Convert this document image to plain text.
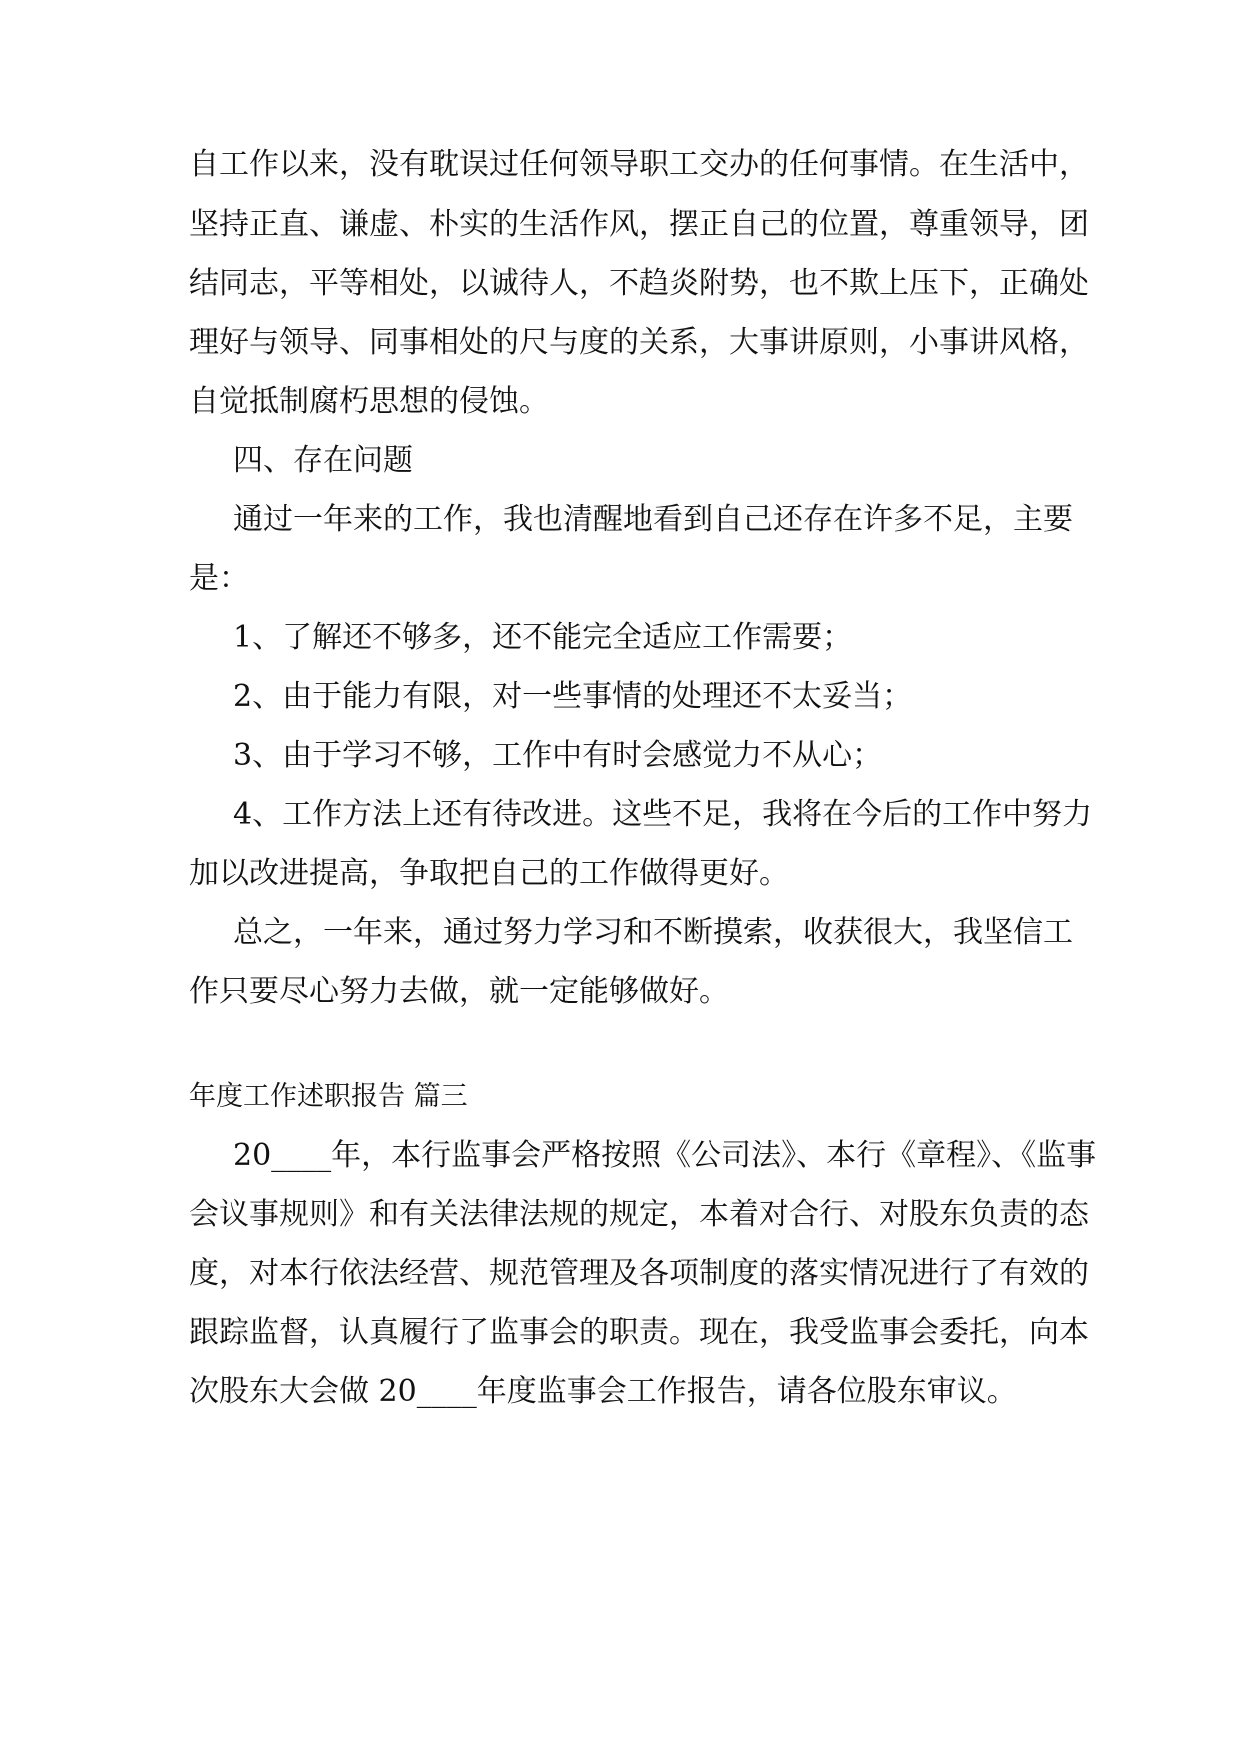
自工作以来，没有耽误过任何领导职工交办的任何事情。在生活中，
坚持正直、谦虚、朴实的生活作风，摆正自己的位置，尊重领导，团
结同志，平等相处，以诚待人，不趋炎附势，也不欺上压下，正确处
理好与领导、同事相处的尺与度的关系，大事讲原则，小事讲风格，
自觉抵制腐朽思想的侵蚀。
四、存在问题
通过一年来的工作，我也清醒地看到自己还存在许多不足，主要
是：
1、了解还不够多，还不能完全适应工作需要；
2、由于能力有限，对一些事情的处理还不太妥当；
3、由于学习不够，工作中有时会感觉力不从心；
4、工作方法上还有待改进。这些不足，我将在今后的工作中努力
加以改进提高，争取把自己的工作做得更好。
总之，一年来，通过努力学习和不断摸索，收获很大，我坚信工
作只要尽心努力去做，就一定能够做好。
年度工作述职报告 篇三
20____年，本行监事会严格按照《公司法》、本行《章程》、《监事
会议事规则》和有关法律法规的规定，本着对合行、对股东负责的态
度，对本行依法经营、规范管理及各项制度的落实情况进行了有效的
跟踪监督，认真履行了监事会的职责。现在，我受监事会委托，向本
次股东大会做 20____年度监事会工作报告，请各位股东审议。
